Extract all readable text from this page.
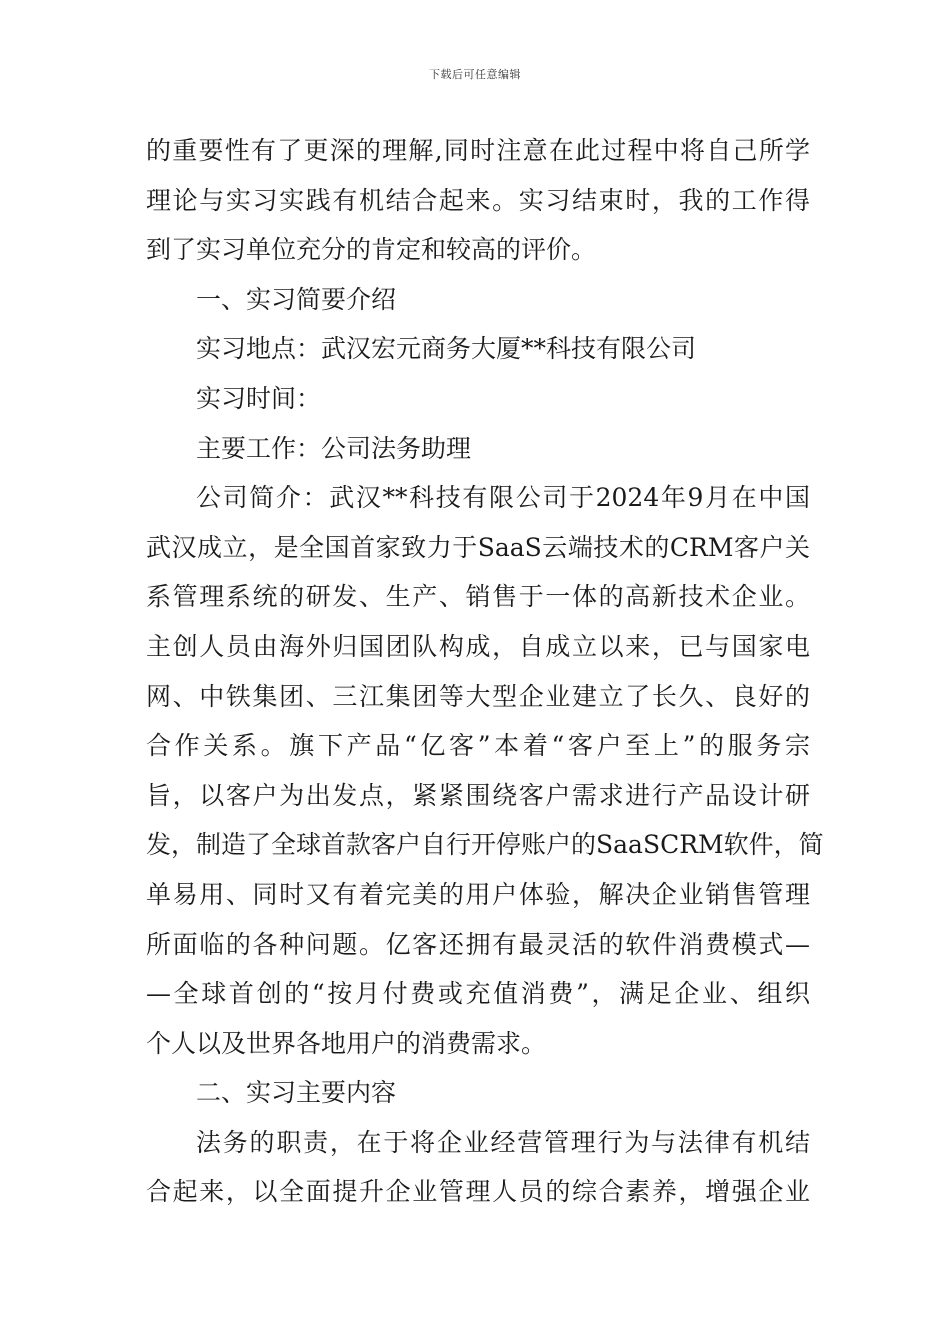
下载后可任意编辑
的重要性有了更深的理解,同时注意在此过程中将自己所学
理论与实习实践有机结合起来。实习结束时，我的工作得
到了实习单位充分的肯定和较高的评价。
一、实习简要介绍
实习地点：武汉宏元商务大厦**科技有限公司
实习时间：
主要工作：公司法务助理
公司简介：武汉**科技有限公司于2024年9月在中国
武汉成立，是全国首家致力于SaaS云端技术的CRM客户关
系管理系统的研发、生产、销售于一体的高新技术企业。
主创人员由海外归国团队构成，自成立以来，已与国家电
网、中铁集团、三江集团等大型企业建立了长久、良好的
合作关系。旗下产品“亿客”本着“客户至上”的服务宗
旨，以客户为出发点，紧紧围绕客户需求进行产品设计研
发，制造了全球首款客户自行开停账户的SaaSCRM软件，简
单易用、同时又有着完美的用户体验，解决企业销售管理
所面临的各种问题。亿客还拥有最灵活的软件消费模式—
—全球首创的“按月付费或充值消费”，满足企业、组织
个人以及世界各地用户的消费需求。
二、实习主要内容
法务的职责，在于将企业经营管理行为与法律有机结
合起来，以全面提升企业管理人员的综合素养，增强企业
